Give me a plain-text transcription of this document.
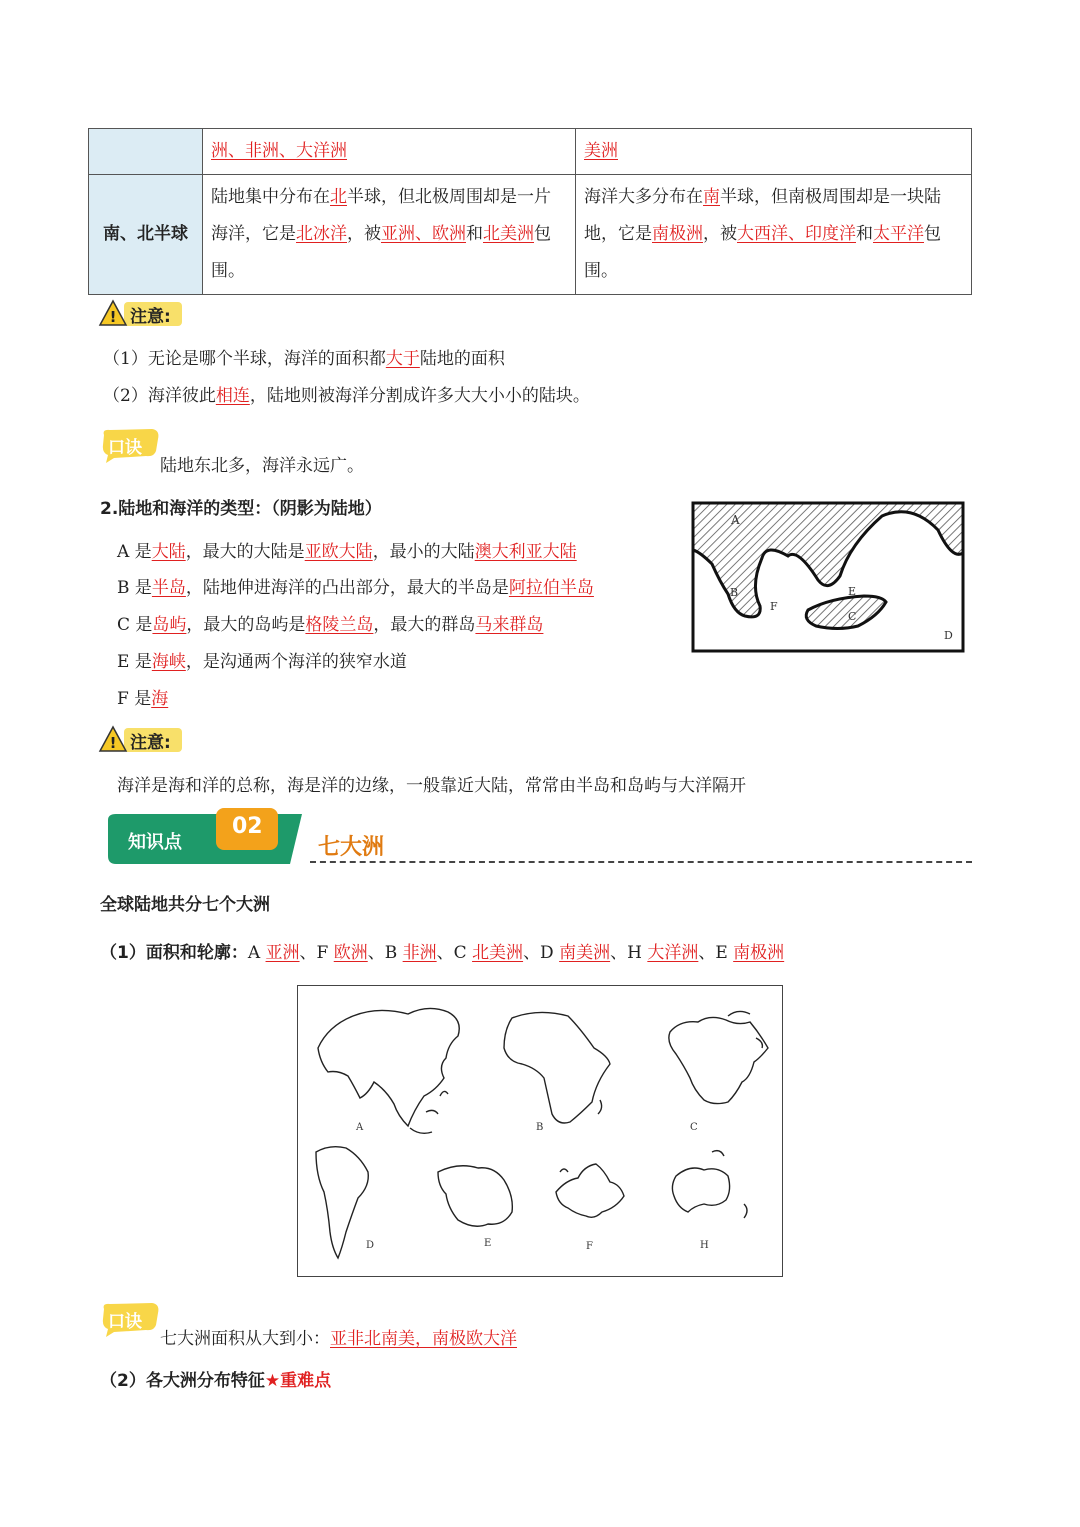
	洲、非洲、大洋洲	美洲
南、北半球	陆地集中分布在北半球，但北极周围却是一片海洋，它是北冰洋，被亚洲、欧洲和北美洲包围。	海洋大多分布在南半球，但南极周围却是一块陆地，它是南极洲，被大西洋、印度洋和太平洋包围。
! 注意:
（1）无论是哪个半球，海洋的面积都大于陆地的面积
（2）海洋彼此相连，陆地则被海洋分割成许多大大小小的陆块。
口诀
陆地东北多，海洋永远广。
2.陆地和海洋的类型：（阴影为陆地）
A 是大陆，最大的大陆是亚欧大陆，最小的大陆澳大利亚大陆
B 是半岛，陆地伸进海洋的凸出部分，最大的半岛是阿拉伯半岛
C 是岛屿，最大的岛屿是格陵兰岛，最大的群岛马来群岛
E 是海峡，是沟通两个海洋的狭窄水道
F 是海
A
B
F
E
C
D
! 注意:
海洋是海和洋的总称，海是洋的边缘，一般靠近大陆，常常由半岛和岛屿与大洋隔开
知识点
02
七大洲
全球陆地共分七个大洲
（1）面积和轮廓：A 亚洲、F 欧洲、B 非洲、C 北美洲、D 南美洲、H 大洋洲、E 南极洲
A	B	C
D	E	F	H
口诀
七大洲面积从大到小：亚非北南美，南极欧大洋
（2）各大洲分布特征★重难点
